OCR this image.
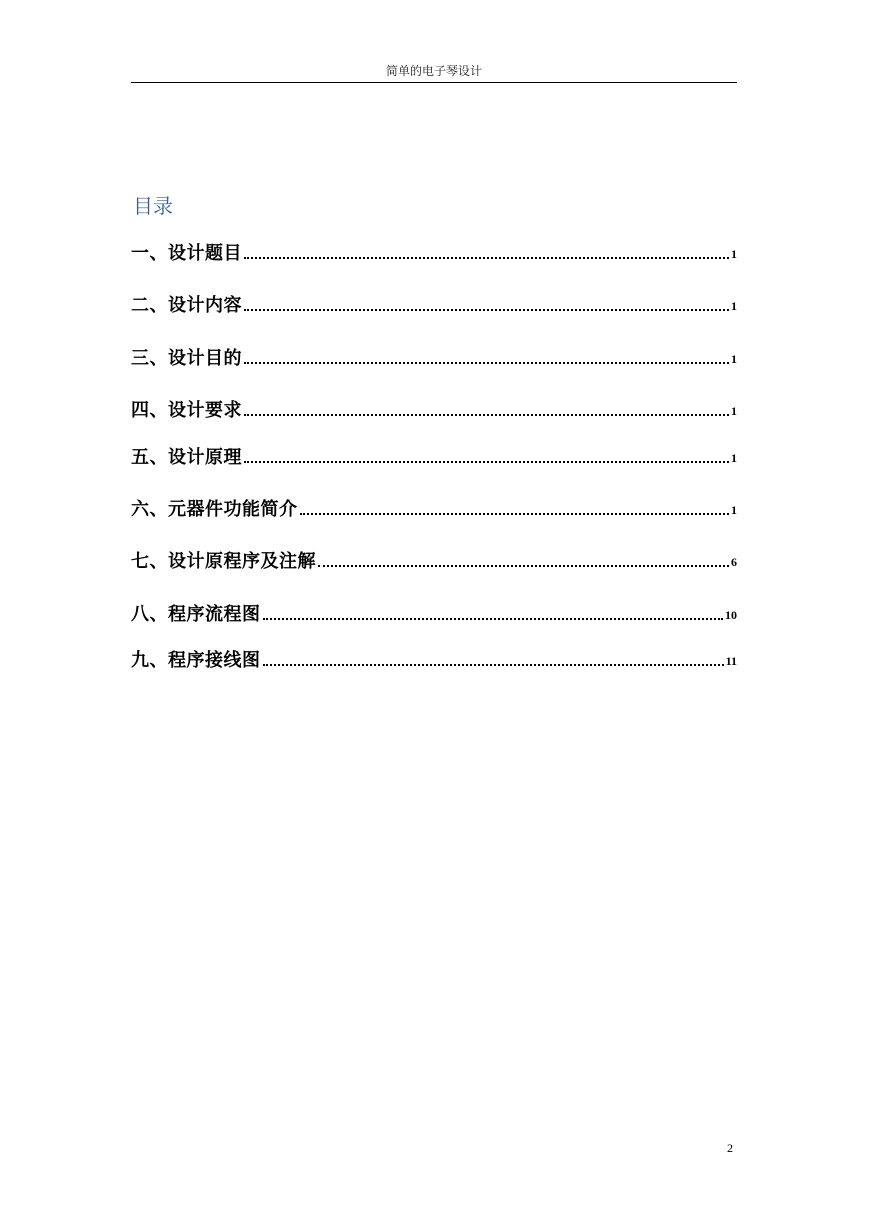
简单的电子琴设计
目录
一、设计题目	1
二、设计内容	1
三、设计目的	1
四、设计要求	1
五、设计原理	1
六、元器件功能简介	1
七、设计原程序及注解	6
八、程序流程图	10
九、程序接线图	11
2
